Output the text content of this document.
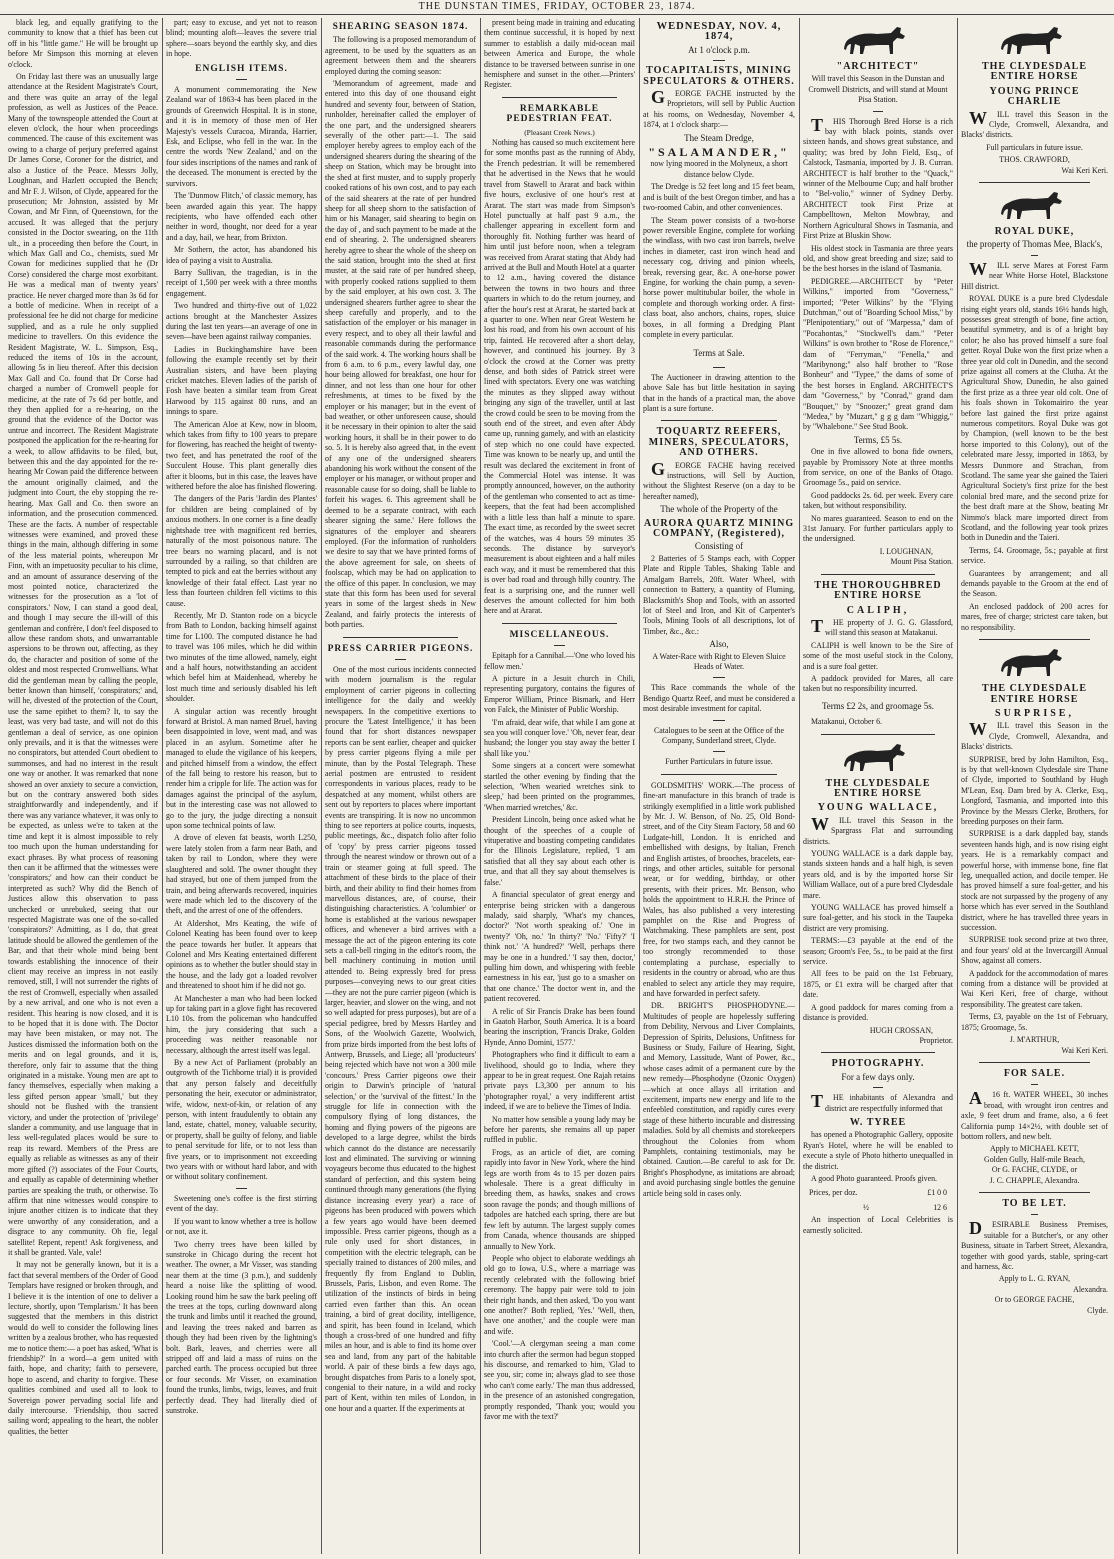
THE DUNSTAN TIMES, FRIDAY, OCTOBER 23, 1874.

black leg, and equally gratifying to the community to know that a thief has been cut off in his "little game." He will be brought up before Mr Simpson this morning at eleven o'clock.

On Friday last there was an unusually large attendance at the Resident Magistrate's Court, and there was quite an array of the legal profession, as well as Justices of the Peace. Many of the townspeople attended the Court at eleven o'clock, the hour when proceedings commenced. The cause of this excitement was owing to a charge of perjury preferred against Dr James Corse, Coroner for the district, and also a Justice of the Peace. Messrs Jolly, Loughnan, and Hazlett occupied the Bench; and Mr F. J. Wilson, of Clyde, appeared for the prosecution; Mr Johnston, assisted by Mr Cowan, and Mr Finn, of Queenstown, for the accused. It was alleged that the perjury consisted in the Doctor swearing, on the 11th ult., in a proceeding then before the Court, in which Max Gall and Co., chemists, sued Mr Cowan for medicines supplied that he (Dr Corse) considered the charge most exorbitant. He was a medical man of twenty years' practice. He never charged more than 3s 6d for a bottle of medicine. When in receipt of a professional fee he did not charge for medicine supplied, and as a rule he only supplied medicine to travellers. On this evidence the Resident Magistrate, W. L. Simpson, Esq., reduced the items of 10s in the account, allowing 5s in lieu thereof. After this decision Max Gall and Co. found that Dr Corse had charged a number of Cromwell people for medicine, at the rate of 7s 6d per bottle, and they then applied for a re-hearing, on the ground that the evidence of the Doctor was untrue and incorrect. The Resident Magistrate postponed the application for the re-hearing for a week, to allow affidavits to be filed, but, between this and the day appointed for the re-hearing Mr Cowan paid the difference between the amount originally claimed, and the judgment into Court, the eby stopping the re-hearing. Max Gall and Co. then swore an information, and the prosecution commenced. These are the facts. A number of respectable witnesses were examined, and proved these things in the main, although differing in some of the less material points, whereupon Mr Finn, with an impetuosity peculiar to his clime, and an amount of assurance deserving of the most pointed notice, characterized the witnesses for the prosecution as a 'lot of conspirators.' Now, I can stand a good deal, and though I may secure the ill-will of this gentleman and confrère, I don't feel disposed to allow these random shots, and unwarrantable aspersions to be thrown out, affecting, as they do, the character and position of some of the oldest and most respected Cromwellians. What did the gentleman mean by calling the people, better known than himself, 'conspirators;' and, will he, divested of the protection of the Court, use the same epithet to them? It, to say the least, was very bad taste, and will not do this gentleman a deal of service, as one opinion only prevails, and it is that the witnesses were no conspirators, but attended Court obedient to summonses, and had no interest in the result one way or another. It was remarked that none showed an over anxiety to secure a conviction, but on the contrary answered both sides straightforwardly and independently, and if there was any variance whatever, it was only to be expected, as unless we're to taken at the time and kept it is almost impossible to rely too much upon the human understanding for exact phrases. By what process of reasoning then can it be affirmed that the witnesses were 'conspirators;' and how can their conduct be interpreted as such? Why did the Bench of Justices allow this observation to pass unchecked or unrebuked, seeing that our respected Magistrate was one of the so-called 'conspirators?' Admitting, as I do, that great latitude should be allowed the gentlemen of the Bar, and that their whole mind being bent towards establishing the innocence of their client may receive an impress in not easily removed, still, I will not surrender the rights of the rest of Cromwell, especially when assailed by a new arrival, and one who is not even a resident. This hearing is now closed, and it is to be hoped that it is done with. The Doctor may have been mistaken, or may not. The Justices dismissed the information both on the merits and on legal grounds, and it is, therefore, only fair to assume that the thing originated in a mistake. Young men are apt to fancy themselves, especially when making a less gifted person appear 'small,' but they should not be flushed with the transient victory, and under the protection of 'privilege' slander a community, and use language that in less well-regulated places would be sure to reap its reward. Members of the Press are equally as reliable as witnesses as any of their more gifted (?) associates of the Four Courts, and equally as capable of determining whether parties are speaking the truth, or otherwise. To affirm that nine witnesses would conspire to injure another citizen is to indicate that they were unworthy of any consideration, and a disgrace to any community. Oh fie, legal satellite! Repent, repent! Ask forgiveness, and it shall be granted. Vale, vale!

It may not be generally known, but it is a fact that several members of the Order of Good Templars have resigned or broken through, and I believe it is the intention of one to deliver a lecture, shortly, upon 'Templarism.' It has been suggested that the members in this district would do well to consider the following lines written by a zealous brother, who has requested me to notice them:— a poet has asked, 'What is friendship?' In a word—a gem united with faith, hope, and charity; faith to persevere, hope to ascend, and charity to forgive. These qualities combined and used all to look to Sovereign power pervading social life and daily intercourse. 'Friendship, thou sacred sailing word; appealing to the heart, the nobler qualities, the better

part; easy to excuse, and yet not to reason blind; mounting aloft—leaves the severe trial sphere—soars beyond the earthly sky, and dies in hope.

ENGLISH ITEMS.

A monument commemorating the New Zealand war of 1863-4 has been placed in the grounds of Greenwich Hospital. It is in stone, and it is in memory of those men of Her Majesty's vessels Curacoa, Miranda, Harrier, Esk, and Eclipse, who fell in the war. In the centre the words 'New Zealand,' and on the four sides inscriptions of the names and rank of the deceased. The monument is erected by the survivors.

The 'Dunmow Flitch,' of classic memory, has been awarded again this year. The happy recipients, who have offended each other neither in word, thought, nor deed for a year and a day, hail, we hear, from Brixton.

Mr Sothern, the actor, has abandoned his idea of paying a visit to Australia.

Barry Sullivan, the tragedian, is in the receipt of 1,500 per week with a three months engagement.

Two hundred and thirty-five out of 1,022 actions brought at the Manchester Assizes during the last ten years—an average of one in seven—have been against railway companies.

Ladies in Buckinghamshire have been following the example recently set by their Australian sisters, and have been playing cricket matches. Eleven ladies of the parish of Fosh have beaten a similar team from Great Harwood by 115 against 80 runs, and an innings to spare.

The American Aloe at Kew, now in bloom, which takes from fifty to 100 years to prepare for flowering, has reached the height of twenty-two feet, and has penetrated the roof of the Succulent House. This plant generally dies after it blooms, but in this case, the leaves have withered before the aloe has finished flowering.

The dangers of the Paris 'Jardin des Plantes' for children are being complained of by anxious mothers. In one corner is a fine deadly nightshade tree with magnificent red berries, naturally of the most poisonous nature. The tree bears no warning placard, and is not surrounded by a railing, so that children are tempted to pick and eat the berries without any knowledge of their fatal effect. Last year no less than fourteen children fell victims to this cause.

Recently, Mr D. Stanton rode on a bicycle from Bath to London, backing himself against time for L100. The computed distance he had to travel was 106 miles, which he did within two minutes of the time allowed, namely, eight and a half hours, notwithstanding an accident which befel him at Maidenhead, whereby he lost much time and seriously disabled his left shoulder.

A singular action was recently brought forward at Bristol. A man named Bruel, having been disappointed in love, went mad, and was placed in an asylum. Sometime after he managed to elude the vigilance of his keepers, and pitched himself from a window, the effect of the fall being to restore his reason, but to render him a cripple for life. The action was for damages against the principal of the asylum, but in the interesting case was not allowed to go to the jury, the judge directing a nonsuit upon some technical points of law.

A drove of eleven fat beasts, worth L250, were lately stolen from a farm near Bath, and taken by rail to London, where they were slaughtered and sold. The owner thought they had strayed, but one of them jumped from the train, and being afterwards recovered, inquiries were made which led to the discovery of the theft, and the arrest of one of the offenders.

At Aldershot, Mrs Keating, the wife of Colonel Keating has been found over to keep the peace towards her butler. It appears that Colonel and Mrs Keating entertained different opinions as to whether the butler should stay in the house, and the lady got a loaded revolver and threatened to shoot him if he did not go.

At Manchester a man who had been locked up for taking part in a glove fight has recovered L10 10s. from the policeman who handcuffed him, the jury considering that such a proceeding was neither reasonable nor necessary, although the arrest itself was legal.

By a new Act of Parliament (probably an outgrowth of the Tichborne trial) it is provided that any person falsely and deceitfully personating the heir, executor or administrator, wife, widow, next-of-kin, or relation of any person, with intent fraudulently to obtain any land, estate, chattel, money, valuable security, or property, shall be guilty of felony, and liable to penal servitude for life, or to not less than five years, or to imprisonment not exceeding two years with or without hard labor, and with or without solitary confinement.

Sweetening one's coffee is the first stirring event of the day.

If you want to know whether a tree is hollow or not, axe it.

Two cherry trees have been killed by sunstroke in Chicago during the recent hot weather. The owner, a Mr Visser, was standing near them at the time (3 p.m.), and suddenly heard a noise like the splitting of wood. Looking round him he saw the bark peeling off the trees at the tops, curling downward along the trunk and limbs until it reached the ground, and leaving the trees naked and barren as though they had been riven by the lightning's bolt. Bark, leaves, and cherries were all stripped off and laid a mass of ruins on the parched earth. The process occupied but three or four seconds. Mr Visser, on examination found the trunks, limbs, twigs, leaves, and fruit perfectly dead. They had literally died of sunstroke.

SHEARING SEASON 1874.

The following is a proposed memorandum of agreement, to be used by the squatters as an agreement between them and the shearers employed during the coming season:

'Memorandum of agreement, made and entered into this day of one thousand eight hundred and seventy four, between of Station, runholder, hereinafter called the employer of the one part, and the undersigned shearers severally of the other part:—1. The said employer hereby agrees to employ each of the undersigned shearers during the shearing of the sheep on Station, which may be brought into the shed at first muster, and to supply properly cooked rations of his own cost, and to pay each of the said shearers at the rate of per hundred sheep for all sheep shorn to the satisfaction of him or his Manager, said shearing to begin on the day of , and such payment to be made at the end of shearing. 2. The undersigned shearers hereby agree to shear the whole of the sheep on the said station, brought into the shed at first muster, at the said rate of per hundred sheep, with properly cooked rations supplied to them by the said employer, at his own cost. 3. The undersigned shearers further agree to shear the sheep carefully and properly, and to the satisfaction of the employer or his manager in every respect, and to obey all their lawful and reasonable commands during the performance of the said work. 4. The working hours shall be from 6 a.m. to 6 p.m., every lawful day, one hour being allowed for breakfast, one hour for dinner, and not less than one hour for other refreshments, at times to be fixed by the employer or his manager; but in the event of bad weather, or other unforeseen cause, should it be necessary in their opinion to alter the said working hours, it shall be in their power to do so. 5. It is hereby also agreed that, in the event of any one of the undersigned shearers abandoning his work without the consent of the employer or his manager, or without proper and reasonable cause for so doing, shall be liable to forfeit his wages. 6. This agreement shall be deemed to be a separate contract, with each shearer signing the same.' Here follows the signatures of the employer and shearers employed. (For the information of runholders we desire to say that we have printed forms of the above agreement for sale, on sheets of foolscap, which may be had on application to the office of this paper. In conclusion, we may state that this form has been used for several years in some of the largest sheds in New Zealand, and fairly protects the interests of both parties.

PRESS CARRIER PIGEONS.

One of the most curious incidents connected with modern journalism is the regular employment of carrier pigeons in collecting intelligence for the daily and weekly newspapers. In the competitive exertions to procure the 'Latest Intelligence,' it has been found that for short distances newspaper reports can be sent earlier, cheaper and quicker by press carrier pigeons flying a mile per minute, than by the Postal Telegraph. These aerial postmen are entrusted to resident correspondents in various places, ready to be despatched at any moment, whilst others are sent out by reporters to places where important events are transpiring. It is now no uncommon thing to see reporters at police courts, inquests, public meetings, &c., dispatch folio after folio of 'copy' by press carrier pigeons tossed through the nearest window or thrown out of a train or steamer going at full speed. The attachment of these birds to the place of their birth, and their ability to find their homes from marvellous distances, are, of course, their distinguishing characteristics. A 'columbier' or home is established at the various newspaper offices, and whenever a bird arrives with a message the act of the pigeon entering its cote sets a call-bell ringing in the editor's room, the bell machinery continuing in motion until attended to. Being expressly bred for press purposes—conveying news to our great cities—they are not the pure carrier pigeon (which is larger, heavier, and slower on the wing, and not so well adapted for press purposes), but are of a special pedigree, bred by Messrs Hartley and Sons, of the Woolwich Gazette, Woolwich, from prize birds imported from the best lofts of Antwerp, Brussels, and Liege; all 'producteurs' being rejected which have not won a 300 mile 'concours.' Press Carrier pigeons owe their origin to Darwin's principle of 'natural selection,' or the 'survival of the fittest.' In the struggle for life in connection with the compulsory flying of long distances, the homing and flying powers of the pigeons are developed to a large degree, whilst the birds which cannot do the distance are necessarily lost and eliminated. The surviving or winning voyageurs become thus educated to the highest standard of perfection, and this system being continued through many generations (the flying distance increasing every year) a race of pigeons has been produced with powers which a few years ago would have been deemed impossible. Press carrier pigeons, though as a rule only used for short distances, in competition with the electric telegraph, can be specially trained to distances of 200 miles, and frequently fly from England to Dublin, Brussels, Paris, Lisbon, and even Rome. The utilization of the instincts of birds in being carried even farther than this. An ocean training, a bird of great docility, intelligence, and spirit, has been found in Iceland, which though a cross-bred of one hundred and fifty miles an hour, and is able to find its home over sea and land, from any part of the habitable world. A pair of these birds a few days ago, brought dispatches from Paris to a lonely spot, congenial to their nature, in a wild and rocky part of Kent, within ten miles of London, in one hour and a quarter. If the experiments at

present being made in training and educating them continue successful, it is hoped by next summer to establish a daily mid-ocean mail between America and Europe, the whole distance to be traversed between sunrise in one hemisphere and sunset in the other.—Printers' Register.

REMARKABLE PEDESTRIAN FEAT.
(Pleasant Creek News.)

Nothing has caused so much excitement here for some months past as the running of Abdy, the French pedestrian. It will be remembered that he advertised in the News that he would travel from Stawell to Ararat and back within five hours, exclusive of one hour's rest at Ararat. The start was made from Simpson's Hotel punctually at half past 9 a.m., the challenger appearing in excellent form and thoroughly fit. Nothing further was heard of him until just before noon, when a telegram was received from Ararat stating that Abdy had arrived at the Bull and Mouth Hotel at a quarter to 12 a.m., having covered the distance between the towns in two hours and three quarters in which to do the return journey, and after the hour's rest at Ararat, he started back at a quarter to one. When near Great Western he lost his road, and from his own account of his trip, fainted. He recovered after a short delay, however, and continued his journey. By 3 o'clock the crowd at the Corner was pretty dense, and both sides of Patrick street were lined with spectators. Every one was watching the minutes as they slipped away without bringing any sign of the traveller, until at last the crowd could be seen to be moving from the south end of the street, and even after Abdy came up, running gamely, and with an elasticity of step which no one could have expected. Time was known to be nearly up, and until the result was declared the excitement in front of the Commercial Hotel was intense. It was promptly announced, however, on the authority of the gentleman who consented to act as time-keepers, that the feat had been accomplished with a little less than half a minute to spare. The exact time, as recorded by the sweet secret of the watches, was 4 hours 59 minutes 35 seconds. The distance by surveyor's measurement is about eighteen and a half miles each way, and it must be remembered that this is over bad road and through hilly country. The feat is a surprising one, and the runner well deserves the amount collected for him both here and at Ararat.

MISCELLANEOUS.

Epitaph for a Cannibal.—'One who loved his fellow men.'

A picture in a Jesuit church in Chili, representing purgatory, contains the figures of Emperor William, Prince Bismark, and Herr von Falck, the Minister of Public Worship.

'I'm afraid, dear wife, that while I am gone at sea you will conquer love.' 'Oh, never fear, dear husband; the longer you stay away the better I shall like you.'

Some singers at a concert were somewhat startled the other evening by finding that the selection, 'When wearied wretches sink to sleep,' had been printed on the programmes, 'When married wretches,' &c.

President Lincoln, being once asked what he thought of the speeches of a couple of vituperative and boasting competing candidates for the Illinois Legislature, replied, 'I am satisfied that all they say about each other is true, and that all they say about themselves is false.'

A financial speculator of great energy and enterprise being stricken with a dangerous malady, said sharply, 'What's my chances, doctor?' 'Not worth speaking of.' 'One in twenty?' 'Oh, no.' 'In thirty?' 'No.' 'Fifty?' 'I think not.' 'A hundred?' 'Well, perhaps there may be one in a hundred.' 'I say then, doctor,' pulling him down, and whispering with feeble earnestness in his ear, 'just go to a smasher on that one chance.' The doctor went in, and the patient recovered.

A relic of Sir Francis Drake has been found in Gaatoh Harbor, South America. It is a board bearing the inscription, 'Francis Drake, Golden Hynde, Anno Domini, 1577.'

Photographers who find it difficult to earn a livelihood, should go to India, where they appear to be in great request. One Rajah retains private pays L3,300 per annum to his 'photographer royal,' a very indifferent artist indeed, if we are to believe the Times of India.

No matter how sensible a young lady may be before her parents, she remains all up paper ruffled in public.

Frogs, as an article of diet, are coming rapidly into favor in New York, where the hind legs are worth from 4s to 15 per dozen pairs wholesale. There is a great difficulty in breeding them, as hawks, snakes and crows soon ravage the ponds; and though millions of tadpoles are hatched each spring, there are but few left by autumn. The largest supply comes from Canada, whence thousands are shipped annually to New York.

People who object to elaborate weddings ah old go to Iowa, U.S., where a marriage was recently celebrated with the following brief ceremony. The happy pair were told to join their right hands, and then asked, 'Do you want one another?' Both replied, 'Yes.' 'Well, then, have one another,' and the couple were man and wife.

'Cool.'—A clergyman seeing a man come into church after the sermon had begun stopped his discourse, and remarked to him, 'Glad to see you, sir; come in; always glad to see those who can't come early.' The man thus addressed, in the presence of an astonished congregation, promptly responded, 'Thank you; would you favor me with the text?'

WEDNESDAY, NOV. 4, 1874,
At 1 o'clock p.m.
TOCAPITALISTS, MINING SPECULATORS & OTHERS.

GEORGE FACHE instructed by the Proprietors, will sell by Public Auction at his rooms, on Wednesday, November 4, 1874, at 1 o'clock sharp:—

The Steam Dredge,
"SALAMANDER,"

now lying moored in the Molyneux, a short distance below Clyde.

The Dredge is 52 feet long and 15 feet beam, and is built of the best Oregon timber, and has a two-roomed Cabin, and other conveniences.

The Steam power consists of a two-horse power reversible Engine, complete for working the windlass, with two cast iron barrels, twelve inches in diameter, cast iron winch head and necessary cog, driving and pinion wheels, break, reversing gear, &c. A one-horse power Engine, for working the chain pump, a seven-horse power multitubular boiler, the whole in complete and thorough working order. A first-class boat, also anchors, chains, ropes, sluice boxes, in all forming a Dredging Plant complete in every particular.

Terms at Sale.

The Auctioneer in drawing attention to the above Sale has but little hesitation in saying that in the hands of a practical man, the above plant is a sure fortune.

TOQUARTZ REEFERS, MINERS, SPECULATORS, AND OTHERS.

GEORGE FACHE having received instructions, will Sell by Auction, without the Slightest Reserve (on a day to be hereafter named),

The whole of the Property of the
AURORA QUARTZ MINING COMPANY, (Registered),
Consisting of

2 Batteries of 5 Stamps each, with Copper Plate and Ripple Tables, Shaking Table and Amalgam Barrels, 20ft. Water Wheel, with connection to Battery, a quantity of Fluming, Blacksmith's Shop and Tools, with an assorted lot of Steel and Iron, and Kit of Carpenter's Tools, Mining Tools of all descriptions, lot of Timber, &c., &c.:

Also,

A Water-Race with Right to Eleven Sluice Heads of Water.

This Race commands the whole of the Bendigo Quartz Reef, and must be considered a most desirable investment for capital.

Catalogues to be seen at the Office of the Company, Sunderland street, Clyde.

Further Particulars in future issue.

GOLDSMITHS' WORK.—The process of fine-art manufacture in this branch of trade is strikingly exemplified in a little work published by Mr. J. W. Benson, of No. 25, Old Bond-street, and of the City Steam Factory, 58 and 60 Ludgate-hill, London. It is enriched and embellished with designs, by Italian, French and English artistes, of brooches, bracelets, ear-rings, and other articles, suitable for personal wear, or for wedding, birthday, or other presents, with their prices. Mr. Benson, who holds the appointment to H.R.H. the Prince of Wales, has also published a very interesting pamphlet on the Rise and Progress of Watchmaking. These pamphlets are sent, post free, for two stamps each, and they cannot be too strongly recommended to those contemplating a purchase, especially to residents in the country or abroad, who are thus enabled to select any article they may require, and have forwarded in perfect safety.

DR. BRIGHT'S PHOSPHODYNE.—Multitudes of people are hopelessly suffering from Debility, Nervous and Liver Complaints, Depression of Spirits, Delusions, Unfitness for Business or Study, Failure of Hearing, Sight, and Memory, Lassitude, Want of Power, &c., whose cases admit of a permanent cure by the new remedy—Phosphodyne (Ozonic Oxygen)—which at once allays all irritation and excitement, imparts new energy and life to the enfeebled constitution, and rapidly cures every stage of these hitherto incurable and distressing maladies. Sold by all chemists and storekeepers throughout the Colonies from whom Pamphlets, containing testimonials, may be obtained. Caution.—Be careful to ask for Dr. Bright's Phosphodyne, as imitations are abroad; and avoid purchasing single bottles the genuine article being sold in cases only.

"ARCHITECT"

Will travel this Season in the Dunstan and Cromwell Districts, and will stand at Mount Pisa Station.

THIS Thorough Bred Horse is a rich bay with black points, stands over sixteen hands, and shows great substance, and quality; was bred by John Field, Esq., of Calstock, Tasmania, imported by J. B. Curran. ARCHITECT is half brother to the "Quack," winner of the Melbourne Cup; and half brother to "Bel-volio," winner of Sydney Derby. ARCHITECT took First Prize at Campbelltown, Melton Mowbray, and Northern Agricultural Shows in Tasmania, and First Prize at Bluskin Show.

His oldest stock in Tasmania are three years old, and show great breeding and size; said to be the best horses in the island of Tasmania.

PEDIGREE.—ARCHITECT by "Peter Wilkins," imported from "Governess," imported; "Peter Wilkins" by the "Flying Dutchman," out of "Boarding School Miss," by "Plenipotentiary," out of "Marpessa," dam of "Pocahontas," "Stockwell's dam." "Peter Wilkins" is own brother to "Rose de Florence," dam of "Ferryman," "Fenella," and "Maribynong;" also half brother to "Rose Bonheur" and "Typee," the dams of some of the best horses in England. ARCHITECT'S dam "Governess," by "Conrad," grand dam "Bouquet," by "Snoozer;" great grand dam "Medea," by "Muzart," g g g dam "Whiggig," by "Whalebone." See Stud Book.

Terms, £5 5s.

One in five allowed to bona fide owners, payable by Promissory Note at three months from service, on one of the Banks of Otago. Groomage 5s., paid on service.

Good paddocks 2s. 6d. per week. Every care taken, but without responsibility.

No mares guaranteed. Season to end on the 31st January. For further particulars apply to the undersigned.

I. LOUGHNAN,
Mount Pisa Station.
THE THOROUGHBRED ENTIRE HORSE
CALIPH,

THE property of J. G. G. Glassford, will stand this season at Matakanui.

CALIPH is well known to be the Sire of some of the most useful stock in the Colony, and is a sure foal getter.

A paddock provided for Mares, all care taken but no responsibility incurred.

Terms £2 2s, and groomage 5s.

Matakanui, October 6.

THE CLYDESDALE ENTIRE HORSE
YOUNG WALLACE,

WILL travel this Season in the Spargrass Flat and surrounding districts.

YOUNG WALLACE is a dark dapple bay, stands sixteen hands and a half high, is seven years old, and is by the imported horse Sir William Wallace, out of a pure bred Clydesdale mare.

YOUNG WALLACE has proved himself a sure foal-getter, and his stock in the Taupeka district are very promising.

TERMS:—£3 payable at the end of the season; Groom's Fee, 5s., to be paid at the first service.

All fees to be paid on the 1st February, 1875, or £1 extra will be charged after that date.

A good paddock for mares coming from a distance is provided.

HUGH CROSSAN,
Proprietor.
PHOTOGRAPHY.
For a few days only.

THE inhabitants of Alexandra and district are respectfully informed that

W. TYREE

has opened a Photographic Gallery, opposite Ryan's Hotel, where he will be enabled to execute a style of Photo hitherto unequalled in the district.

A good Photo guaranteed. Proofs given.

Prices, per doz.	£1 0 0
½	12 6

An inspection of Local Celebrities is earnestly solicited.

THE CLYDESDALE ENTIRE HORSE
YOUNG PRINCE CHARLIE

WILL travel this Season in the Clyde, Cromwell, Alexandra, and Blacks' districts.

Full particulars in future issue.

THOS. CRAWFORD,
Wai Keri Keri.
ROYAL DUKE,
the property of Thomas Mee, Black's,

WILL serve Mares at Forest Farm near White Horse Hotel, Blackstone Hill district.

ROYAL DUKE is a pure bred Clydesdale rising eight years old, stands 16½ hands high, possesses great strength of bone, fine action, beautiful symmetry, and is of a bright bay color; he also has proved himself a sure foal getter. Royal Duke won the first prize when a three year old colt in Dunedin, and the second prize against all comers at the Clutha. At the Agricultural Show, Dunedin, he also gained the first prize as a three year old colt. One of his foals shown in Tokomairiro the year before last gained the first prize against numerous competitors. Royal Duke was got by Champion, (well known to be the best horse imported to this Colony), out of the celebrated mare Jessy, imported in 1863, by Messrs Dunmore and Strachan, from Scotland. The same year she gained the Taieri Agricultural Society's first prize for the best colonial bred mare, and the second prize for the best draft mare at the Show, beating Mr Nimmo's black mare imported direct from Scotland, and the following year took prizes both in Dunedin and the Taieri.

Terms, £4. Groomage, 5s.; payable at first service.

Guarantees by arrangement; and all demands payable to the Groom at the end of the Season.

An enclosed paddock of 200 acres for mares, free of charge; strictest care taken, but no responsibility.

THE CLYDESDALE ENTIRE HORSE
SURPRISE,

WILL travel this Season in the Clyde, Cromwell, Alexandra, and Blacks' districts.

SURPRISE, bred by John Hamilton, Esq., is by that well-known Clydesdale sire Thane of Clyde, imported to Southland by Hugh M'Lean, Esq. Dam bred by A. Clerke, Esq., Longford, Tasmania, and imported into this Province by the Messrs Clerke, Brothers, for breeding purposes on their farm.

SURPRISE is a dark dappled bay, stands seventeen hands high, and is now rising eight years. He is a remarkably compact and powerful horse, with immense bone, fine flat leg, unequalled action, and docile temper. He has proved himself a sure foal-getter, and his stock are not surpassed by the progeny of any horse which has ever served in the Southland district, where he has travelled three years in succession.

SURPRISE took second prize at two three, and four years' old at the Invercargill Annual Show, against all comers.

A paddock for the accommodation of mares coming from a distance will be provided at Wai Keri Keri, free of charge, without responsibility. The greatest care taken.

Terms, £3, payable on the 1st of February, 1875; Groomage, 5s.

J. M'ARTHUR,
Wai Keri Keri.
FOR SALE.

A16 ft. WATER WHEEL, 30 inches broad, with wrought iron centres and axle, 9 feet drum and frame, also, a 6 feet California pump 14×2½, with double set of bottom rollers, and new belt.

Apply to MICHAEL KETT,
Golden Gully, Half-mile Beach,
Or G. FACHE, CLYDE, or
J. C. CHAPPLE, Alexandra.
TO BE LET.

DESIRABLE Business Premises, suitable for a Butcher's, or any other Business, situate in Tarbert Street, Alexandra, together with good yards, stable, spring-cart and harness, &c.

Apply to L. G. RYAN,
Alexandra.
Or to GEORGE FACHE,
Clyde.
